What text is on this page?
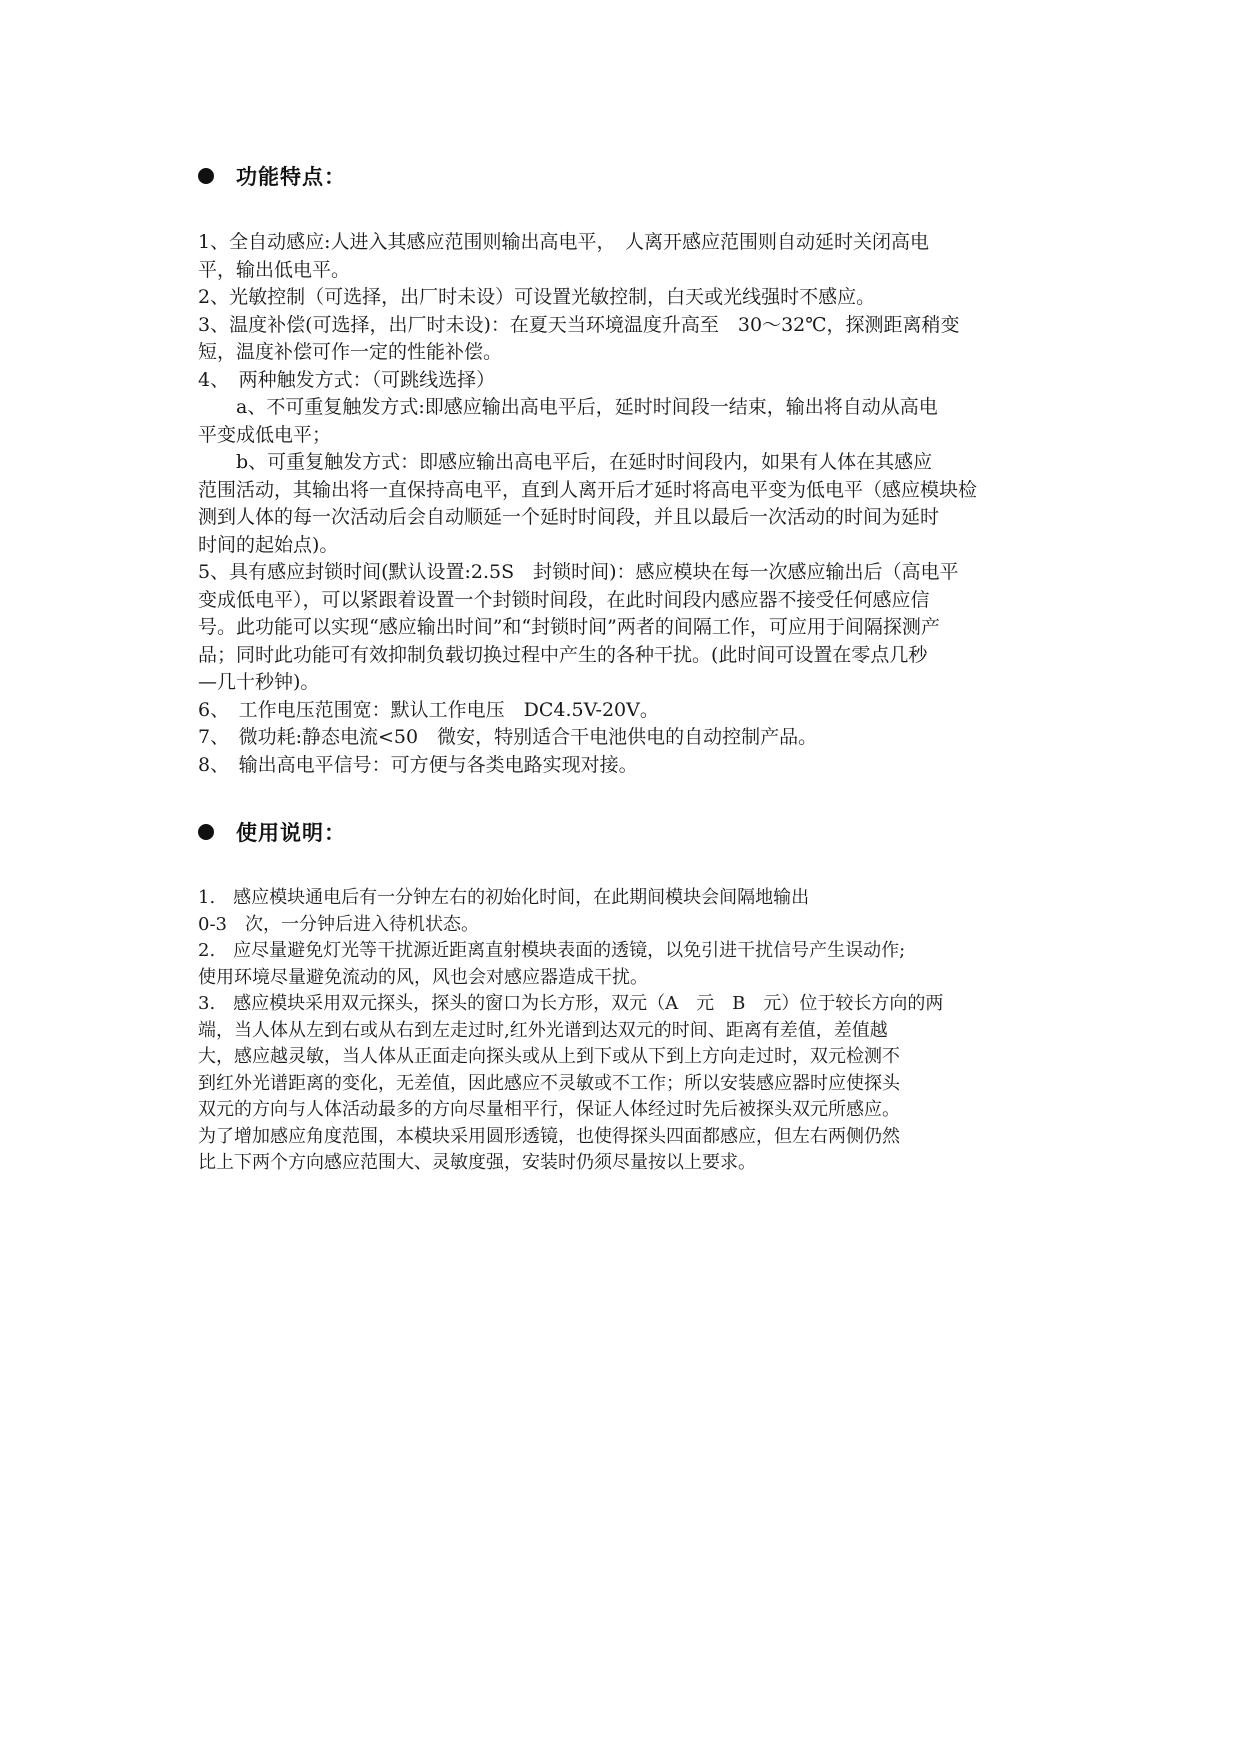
功能特点：
1、全自动感应:人进入其感应范围则输出高电平，　人离开感应范围则自动延时关闭高电
平，输出低电平。
2、光敏控制（可选择，出厂时未设）可设置光敏控制，白天或光线强时不感应。
3、温度补偿(可选择，出厂时未设)：在夏天当环境温度升高至　30～32℃，探测距离稍变
短，温度补偿可作一定的性能补偿。
4、　两种触发方式：（可跳线选择）
　　a、不可重复触发方式:即感应输出高电平后，延时时间段一结束，输出将自动从高电
平变成低电平；
　　b、可重复触发方式：即感应输出高电平后，在延时时间段内，如果有人体在其感应
范围活动，其输出将一直保持高电平，直到人离开后才延时将高电平变为低电平（感应模块检
测到人体的每一次活动后会自动顺延一个延时时间段，并且以最后一次活动的时间为延时
时间的起始点)。
5、具有感应封锁时间(默认设置:2.5S　封锁时间)：感应模块在每一次感应输出后（高电平
变成低电平），可以紧跟着设置一个封锁时间段，在此时间段内感应器不接受任何感应信
号。此功能可以实现“感应输出时间”和“封锁时间”两者的间隔工作，可应用于间隔探测产
品；同时此功能可有效抑制负载切换过程中产生的各种干扰。(此时间可设置在零点几秒
—几十秒钟)。
6、　工作电压范围宽：默认工作电压　DC4.5V-20V。
7、　微功耗:静态电流<50　微安，特别适合干电池供电的自动控制产品。
8、　输出高电平信号：可方便与各类电路实现对接。
使用说明：
1.　感应模块通电后有一分钟左右的初始化时间，在此期间模块会间隔地输出
0-3　次，一分钟后进入待机状态。
2.　应尽量避免灯光等干扰源近距离直射模块表面的透镜，以免引进干扰信号产生误动作;
使用环境尽量避免流动的风，风也会对感应器造成干扰。
3.　感应模块采用双元探头，探头的窗口为长方形，双元（A　元　B　元）位于较长方向的两
端，当人体从左到右或从右到左走过时,红外光谱到达双元的时间、距离有差值，差值越
大，感应越灵敏，当人体从正面走向探头或从上到下或从下到上方向走过时，双元检测不
到红外光谱距离的变化，无差值，因此感应不灵敏或不工作；所以安装感应器时应使探头
双元的方向与人体活动最多的方向尽量相平行，保证人体经过时先后被探头双元所感应。
为了增加感应角度范围，本模块采用圆形透镜，也使得探头四面都感应，但左右两侧仍然
比上下两个方向感应范围大、灵敏度强，安装时仍须尽量按以上要求。
